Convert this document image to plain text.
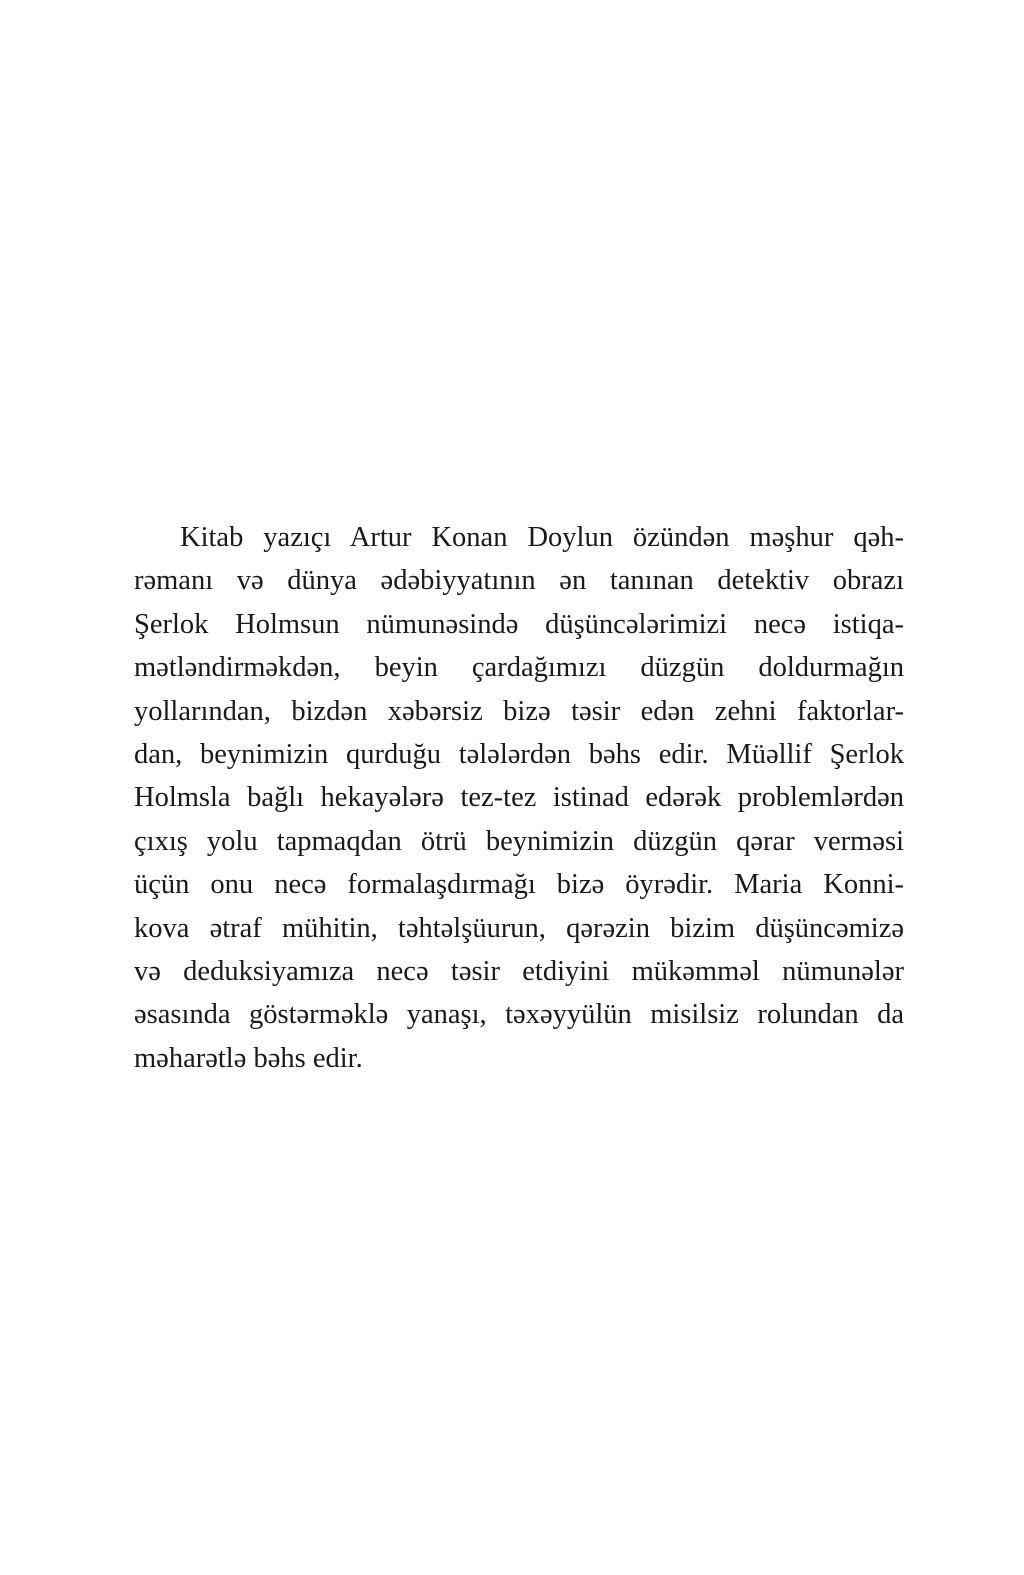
Kitab yazıçı Artur Konan Doylun özündən məşhur qəh-
rəmanı və dünya ədəbiyyatının ən tanınan detektiv obrazı
Şerlok Holmsun nümunəsində düşüncələrimizi necə istiqa-
mətləndirməkdən, beyin çardağımızı düzgün doldurmağın
yollarından, bizdən xəbərsiz bizə təsir edən zehni faktorlar-
dan, beynimizin qurduğu tələlərdən bəhs edir. Müəllif Şerlok
Holmsla bağlı hekayələrə tez-tez istinad edərək problemlərdən
çıxış yolu tapmaqdan ötrü beynimizin düzgün qərar verməsi
üçün onu necə formalaşdırmağı bizə öyrədir. Maria Konni-
kova ətraf mühitin, təhtəlşüurun, qərəzin bizim düşüncəmizə
və deduksiyamıza necə təsir etdiyini mükəmməl nümunələr
əsasında göstərməklə yanaşı, təxəyyülün misilsiz rolundan da
məharətlə bəhs edir.
